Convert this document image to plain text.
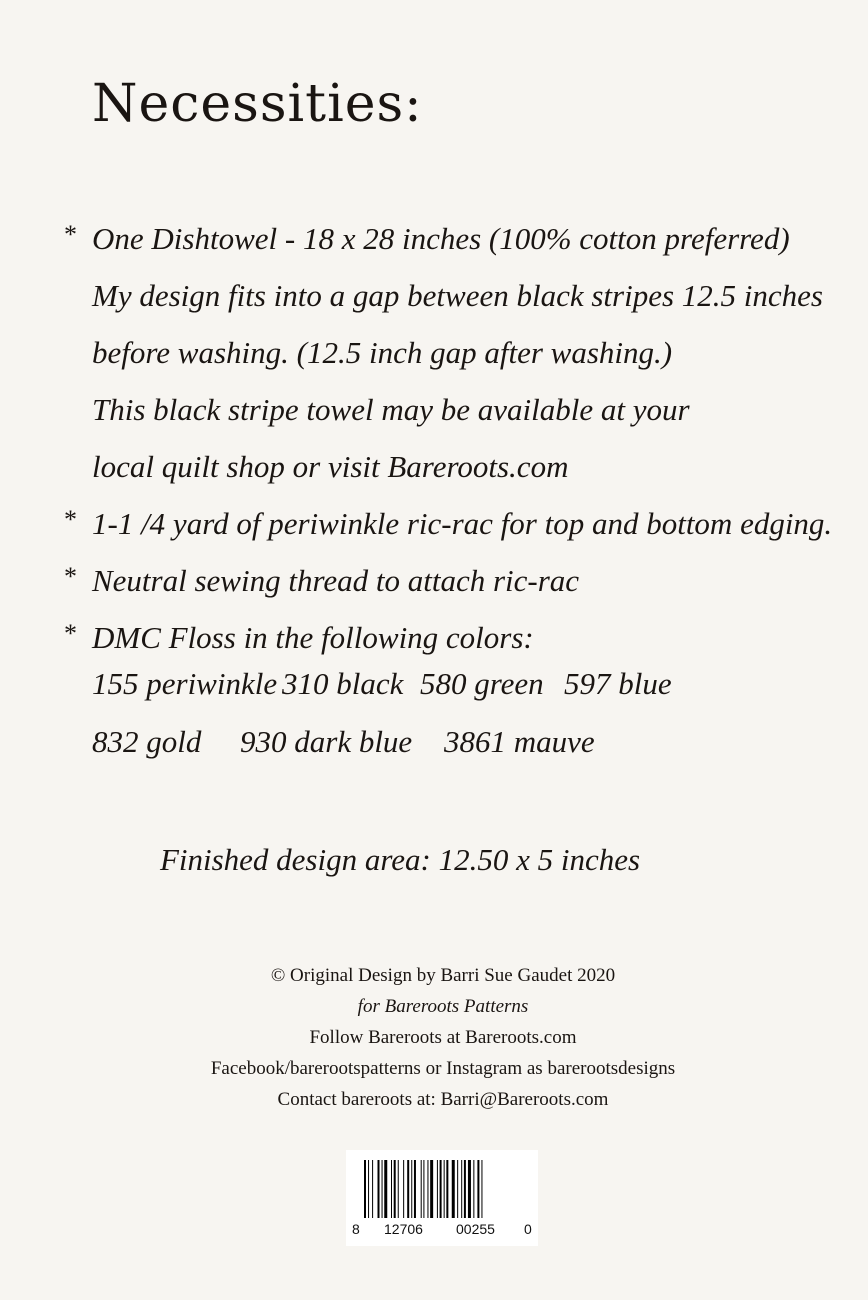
Necessities:
* One Dishtowel - 18 x 28 inches (100% cotton preferred)
My design fits into a gap between black stripes 12.5 inches
before washing. (12.5 inch gap after washing.)
This black stripe towel may be available at your
local quilt shop or visit Bareroots.com
* 1-1 /4 yard of periwinkle ric-rac for top and bottom edging.
* Neutral sewing thread to attach ric-rac
* DMC Floss in the following colors:
155 periwinkle 310 black 580 green 597 blue
832 gold 930 dark blue 3861 mauve
Finished design area: 12.50 x 5 inches
© Original Design by Barri Sue Gaudet 2020
for Bareroots Patterns
Follow Bareroots at Bareroots.com
Facebook/barerootspatterns or Instagram as barerootsdesigns
Contact bareroots at: Barri@Bareroots.com
8 12706 00255 0
